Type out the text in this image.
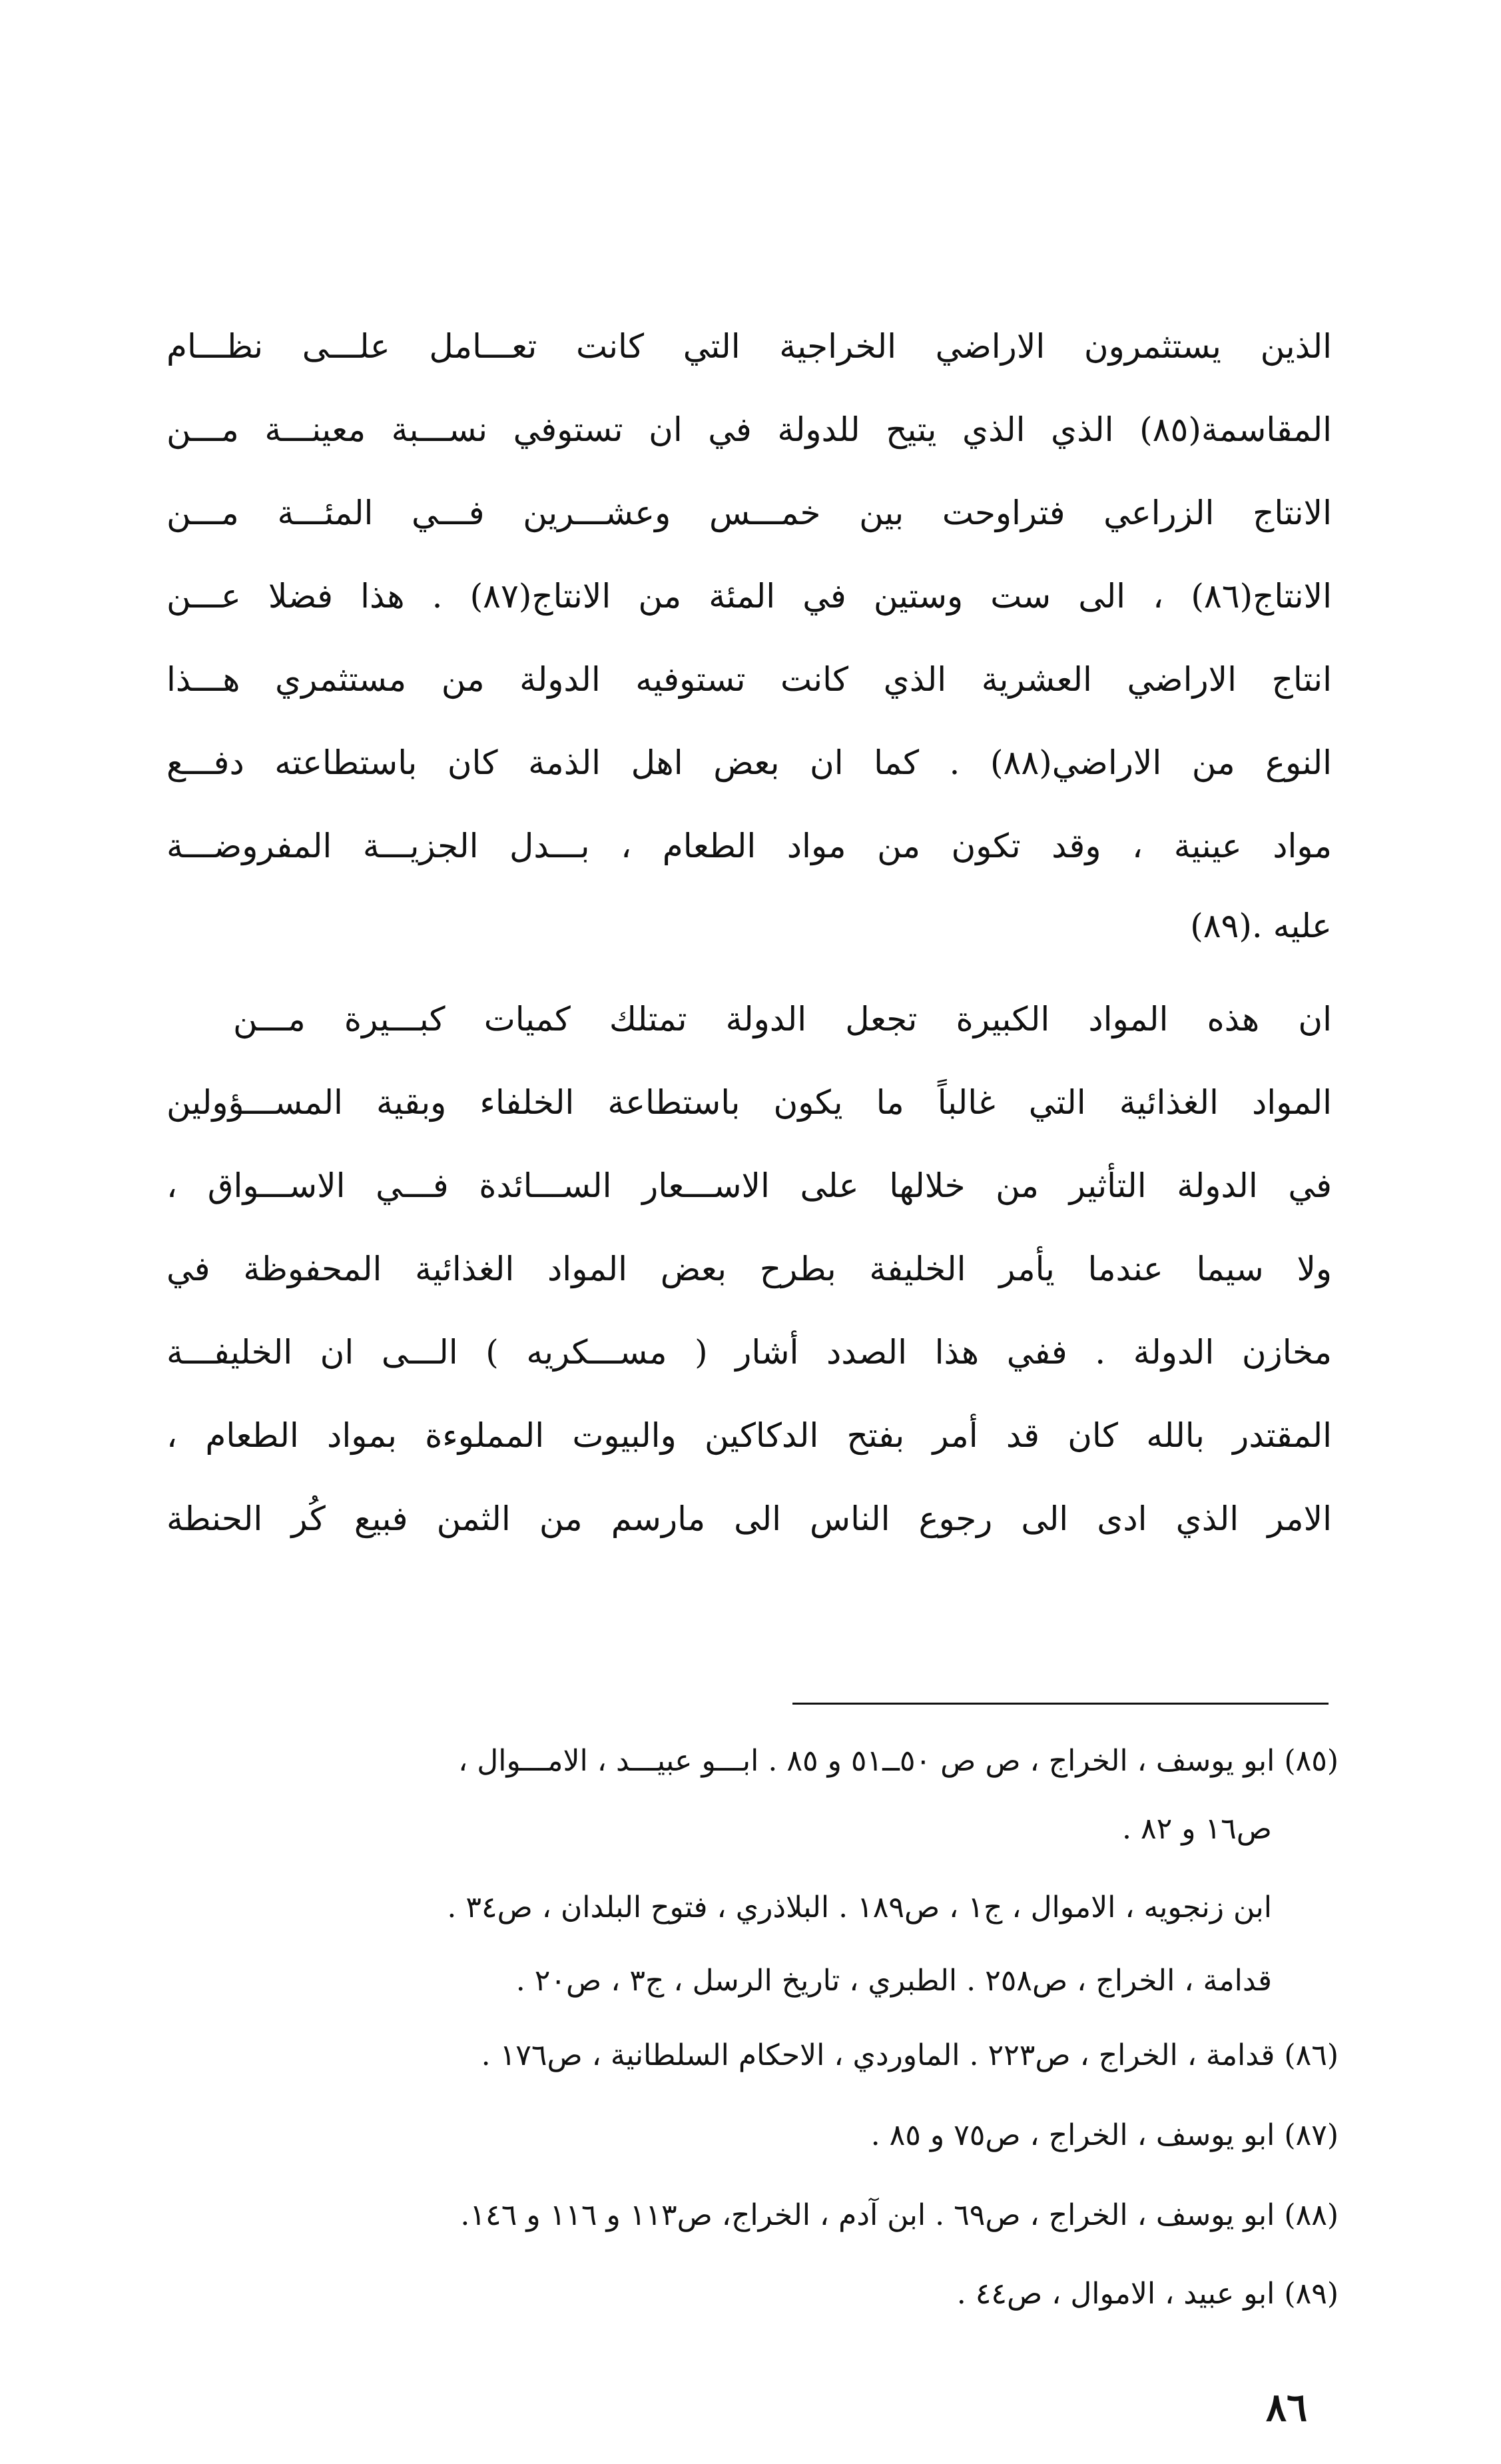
الذين يستثمرون الاراضي الخراجية التي كانت تعـــامل علـــى نظـــام
المقاسمة(٨٥) الذي الذي يتيح للدولة في ان تستوفي نســـبة معينـــة مـــن
الانتاج الزراعي فتراوحت بين خمـــس وعشـــرين فـــي المئـــة مـــن
الانتاج(٨٦) ، الى ست وستين في المئة من الانتاج(٨٧) . هذا فضلا عـــن
انتاج الاراضي العشرية الذي كانت تستوفيه الدولة من مستثمري هـــذا
النوع من الاراضي(٨٨) . كما ان بعض اهل الذمة كان باستطاعته دفـــع
مواد عينية ، وقد تكون من مواد الطعام ، بـــدل الجزيـــة المفروضـــة
عليه .(٨٩)
ان هذه المواد الكبيرة تجعل الدولة تمتلك كميات كبـــيرة مـــن
المواد الغذائية التي غالباً ما يكون باستطاعة الخلفاء وبقية المســـؤولين
في الدولة التأثير من خلالها على الاســـعار الســـائدة فـــي الاســـواق ،
ولا سيما عندما يأمر الخليفة بطرح بعض المواد الغذائية المحفوظة في
مخازن الدولة . ففي هذا الصدد أشار ( مســـكريه ) الـــى ان الخليفـــة
المقتدر بالله كان قد أمر بفتح الدكاكين والبيوت المملوءة بمواد الطعام ،
الامر الذي ادى الى رجوع الناس الى مارسم من الثمن فبيع كُر الحنطة
(٨٥) ابو يوسف ، الخراج ، ص ص ٥٠ــ٥١ و ٨٥ . ابـــو عبيـــد ، الامـــوال ،
ص١٦ و ٨٢ .
ابن زنجويه ، الاموال ، ج١ ، ص١٨٩ . البلاذري ، فتوح البلدان ، ص٣٤ .
قدامة ، الخراج ، ص٢٥٨ . الطبري ، تاريخ الرسل ، ج٣ ، ص٢٠ .
(٨٦) قدامة ، الخراج ، ص٢٢٣ . الماوردي ، الاحكام السلطانية ، ص١٧٦ .
(٨٧) ابو يوسف ، الخراج ، ص٧٥ و ٨٥ .
(٨٨) ابو يوسف ، الخراج ، ص٦٩ . ابن آدم ، الخراج، ص١١٣ و ١١٦ و ١٤٦.
(٨٩) ابو عبيد ، الاموال ، ص٤٤ .
٨٦
